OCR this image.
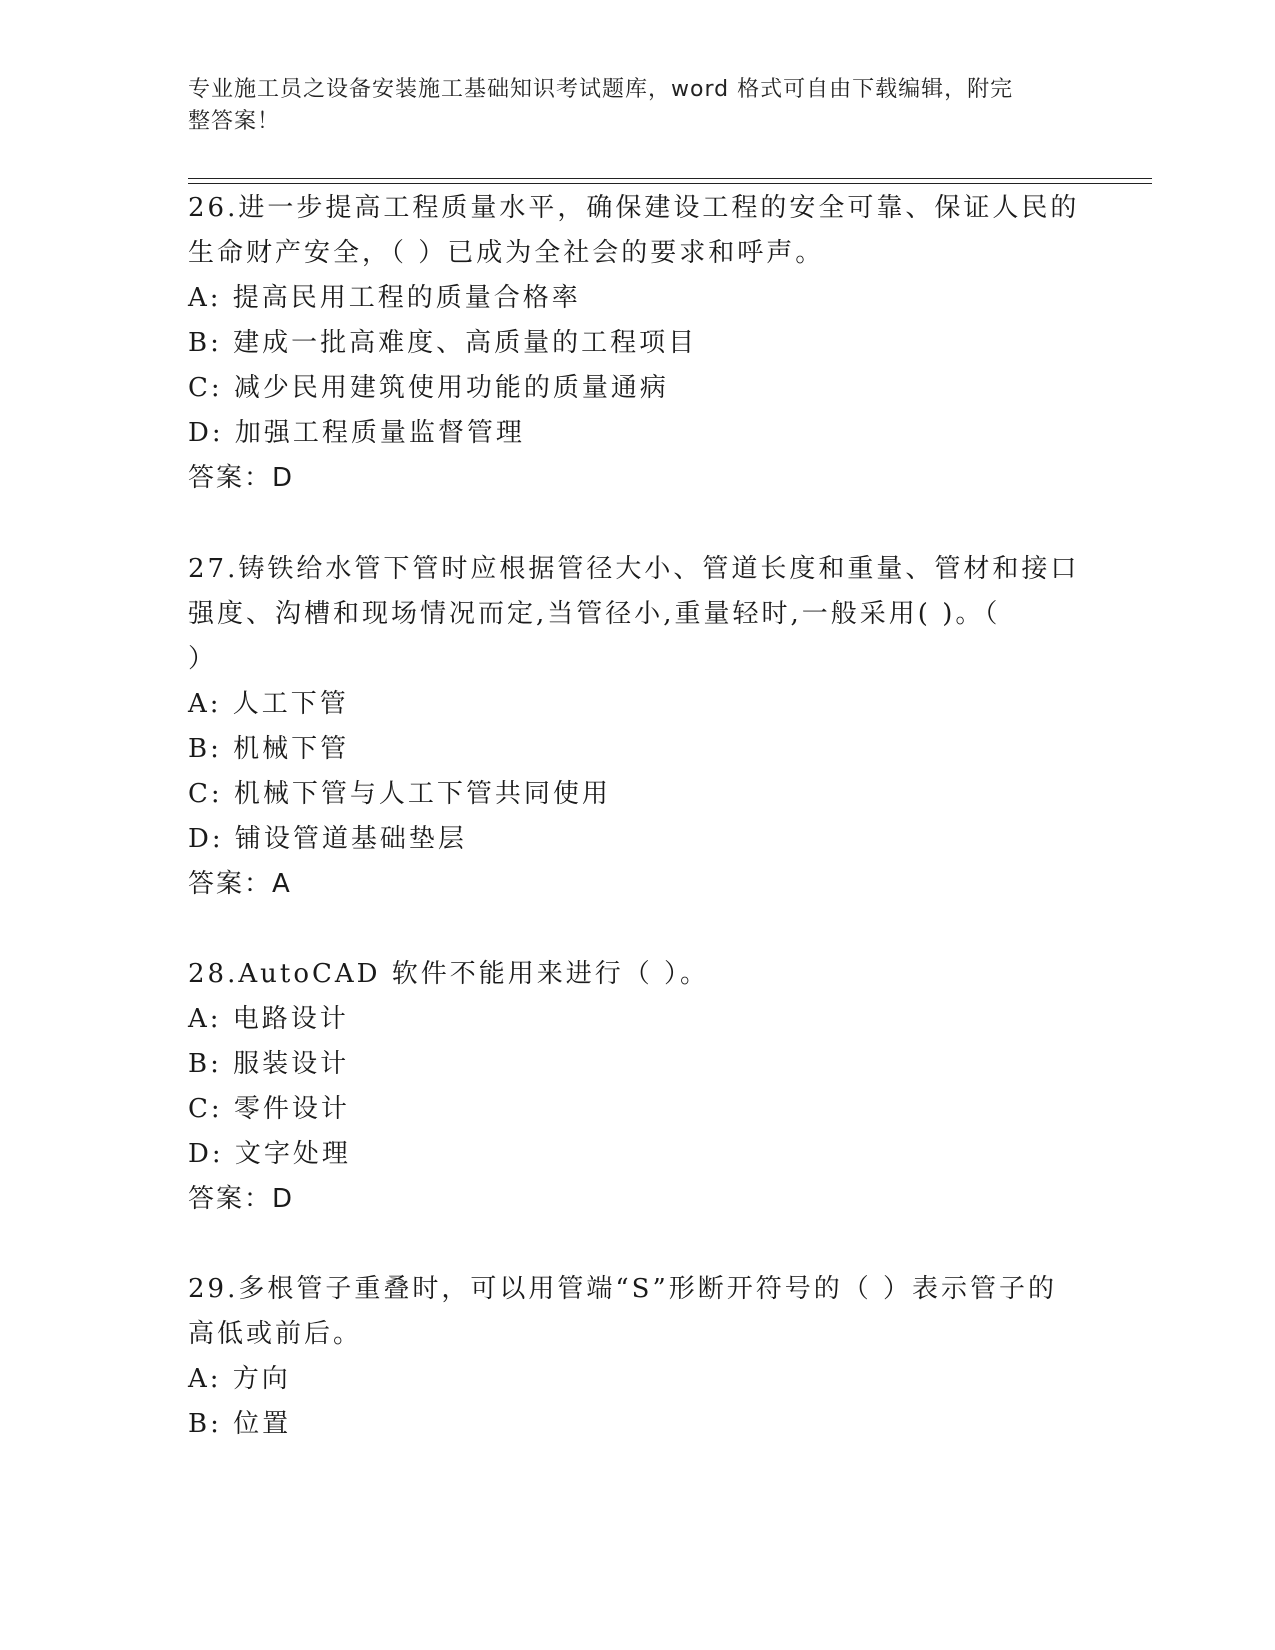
专业施工员之设备安装施工基础知识考试题库，word 格式可自由下载编辑，附完
整答案！

26.进一步提高工程质量水平，确保建设工程的安全可靠、保证人民的

生命财产安全，（ ）已成为全社会的要求和呼声。

A: 提高民用工程的质量合格率

B: 建成一批高难度、高质量的工程项目

C: 减少民用建筑使用功能的质量通病

D: 加强工程质量监督管理

答案：D

27.铸铁给水管下管时应根据管径大小、管道长度和重量、管材和接口

强度、沟槽和现场情况而定,当管径小,重量轻时,一般采用( )。（

）

A: 人工下管

B: 机械下管

C: 机械下管与人工下管共同使用

D: 铺设管道基础垫层

答案：A

28.AutoCAD 软件不能用来进行（ ）。

A: 电路设计

B: 服装设计

C: 零件设计

D: 文字处理

答案：D

29.多根管子重叠时，可以用管端“S”形断开符号的（ ）表示管子的

高低或前后。

A: 方向

B: 位置
